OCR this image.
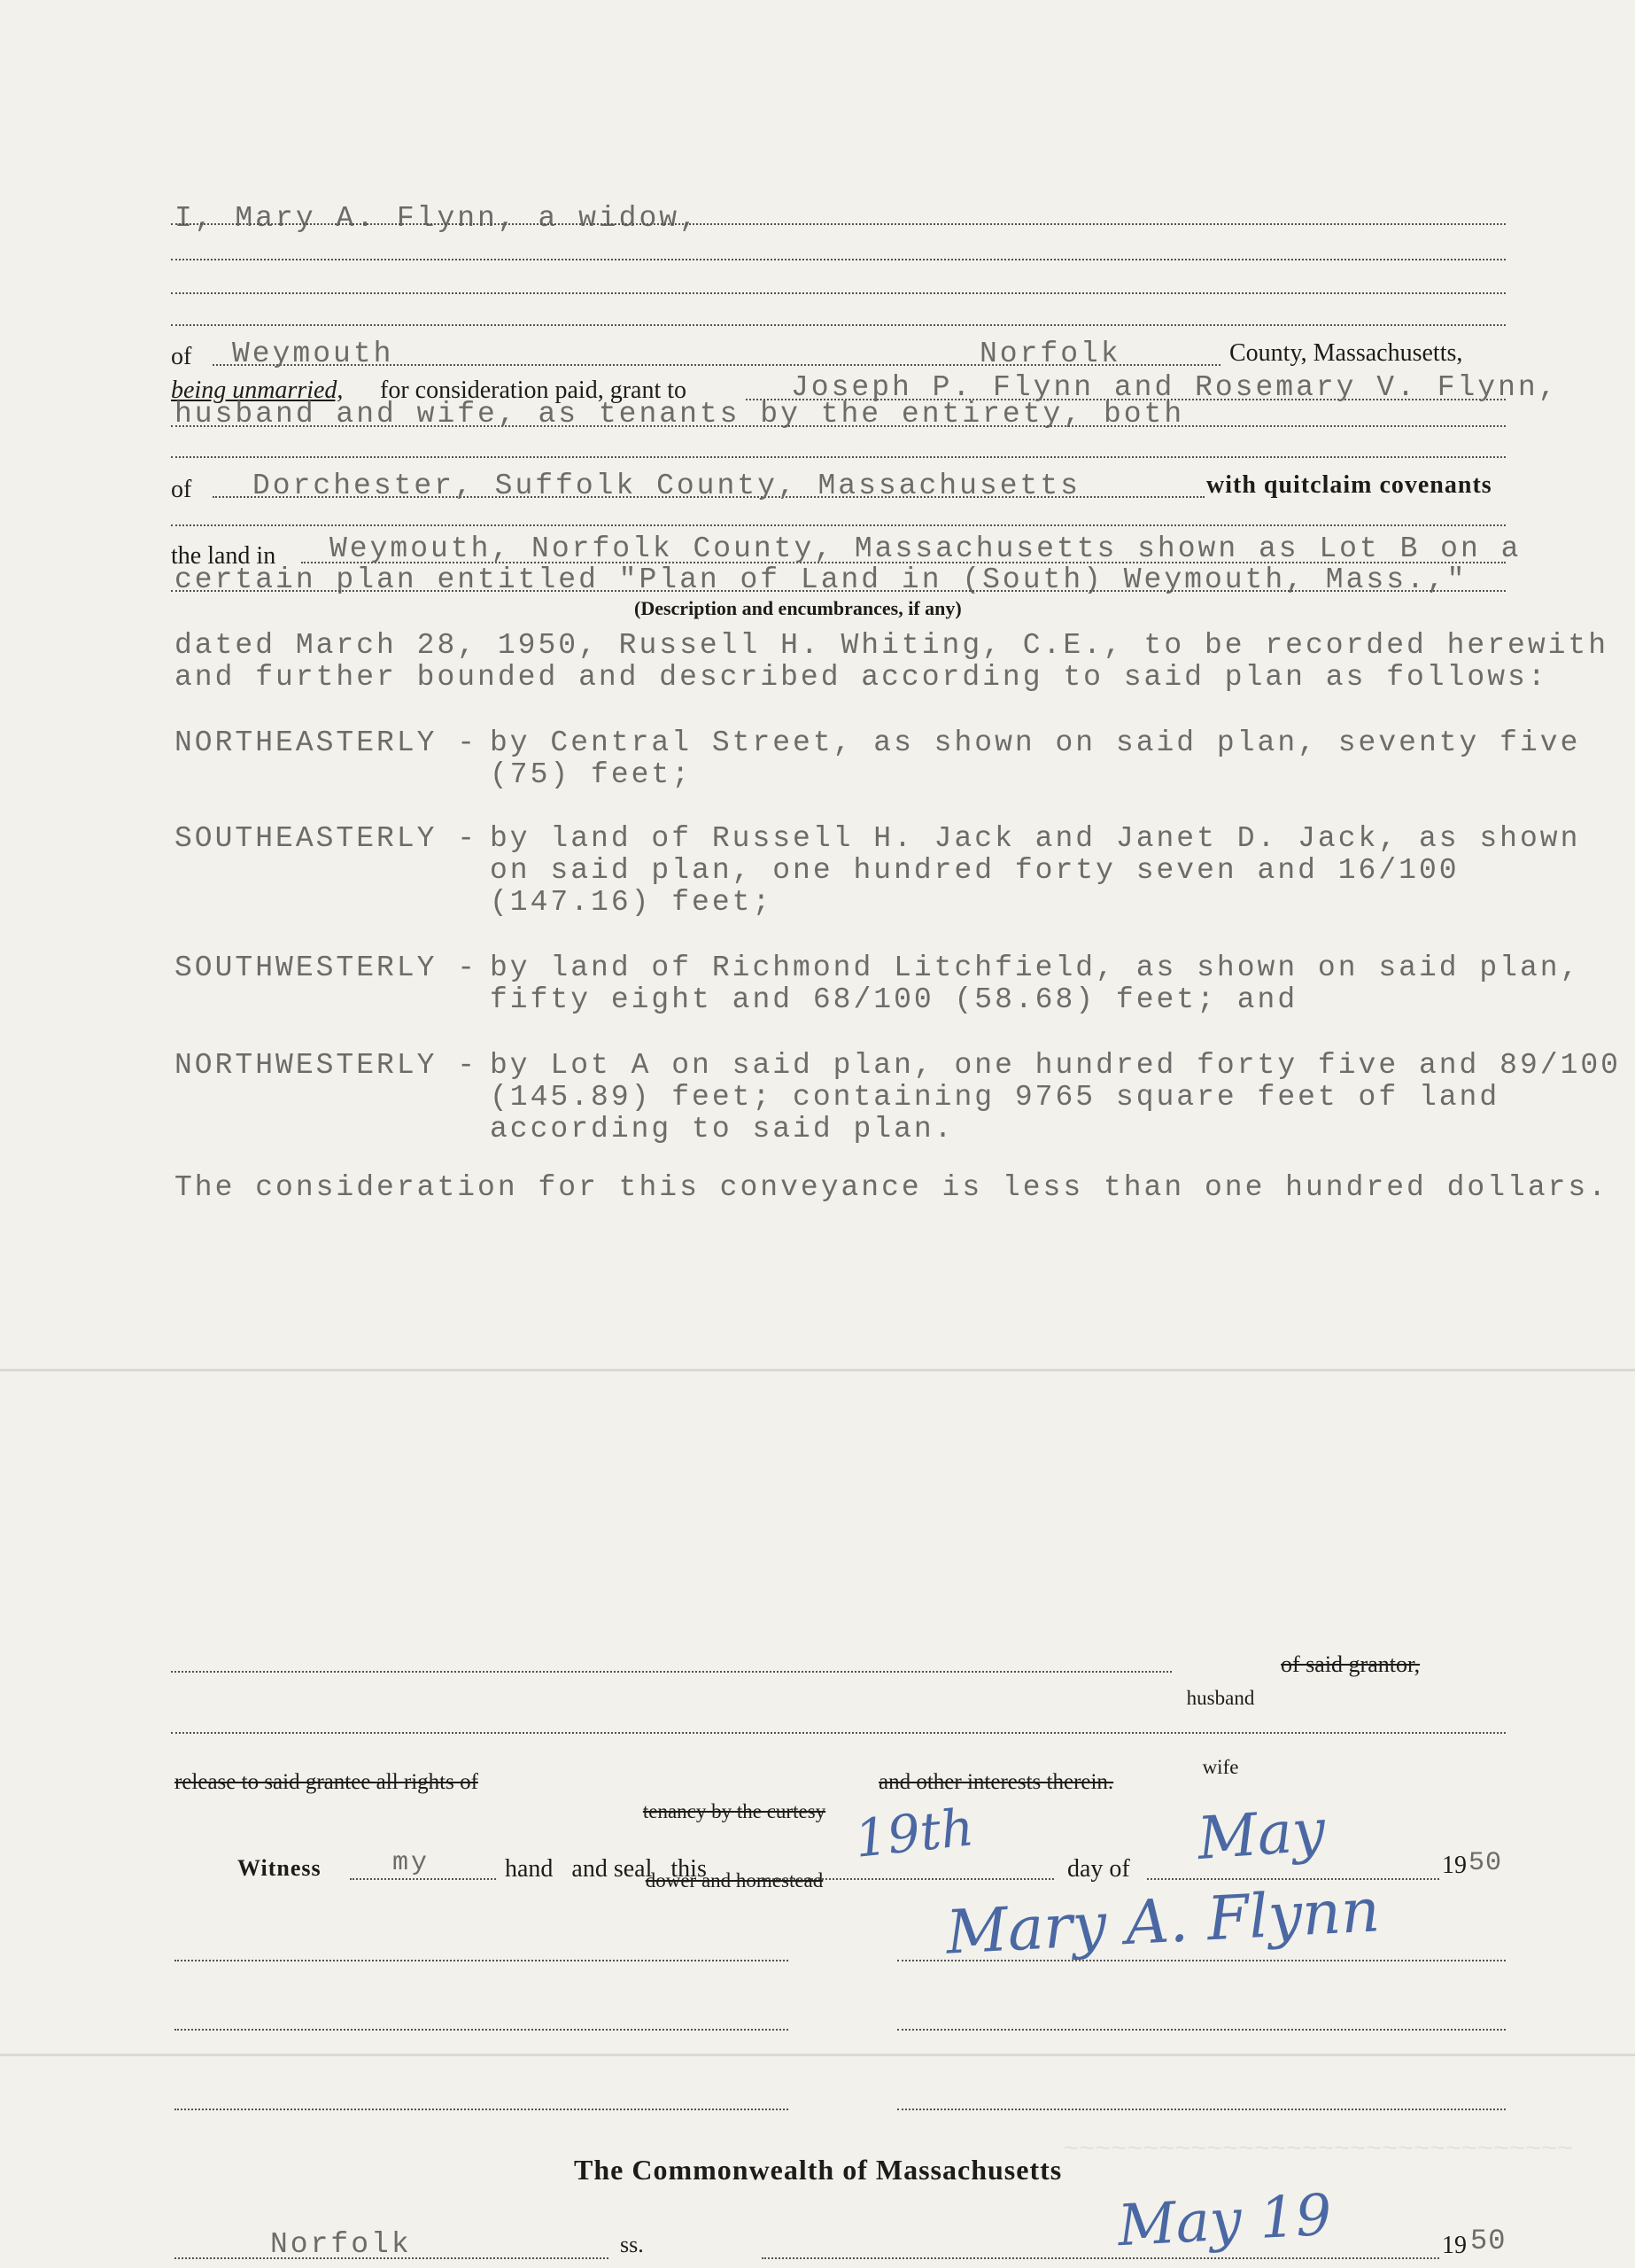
~~~~~~~~~~~~~~~~~~~~~~~~~~~~~~~~
I, Mary A. Flynn, a widow,
of Weymouth	Norfolk	County, Massachusetts,
being unmarried, for consideration paid, grant to	Joseph P. Flynn and Rosemary V. Flynn,
husband and wife, as tenants by the entirety, both
of Dorchester, Suffolk County, Massachusetts	with quitclaim covenants
the land in Weymouth, Norfolk County, Massachusetts shown as Lot B on a
certain plan entitled "Plan of Land in (South) Weymouth, Mass.,"
(Description and encumbrances, if any)
dated March 28, 1950, Russell H. Whiting, C.E., to be recorded herewith
and further bounded and described according to said plan as follows:
NORTHEASTERLY - by Central Street, as shown on said plan, seventy five
(75) feet;
SOUTHEASTERLY - by land of Russell H. Jack and Janet D. Jack, as shown
on said plan, one hundred forty seven and 16/100
(147.16) feet;
SOUTHWESTERLY - by land of Richmond Litchfield, as shown on said plan,
fifty eight and 68/100 (58.68) feet; and
NORTHWESTERLY - by Lot A on said plan, one hundred forty five and 89/100
(145.89) feet; containing 9765 square feet of land
according to said plan.
The consideration for this conveyance is less than one hundred dollars.

husband

wife

of said grantor,
release to said grantee all rights of

tenancy by the curtesy

dower and homestead

and other interests therein.
Witness	my	hand   and seal   this	19th	day of May	19 50
Mary A. Flynn
The Commonwealth of Massachusetts
Norfolk	ss.	May 19	19 50
